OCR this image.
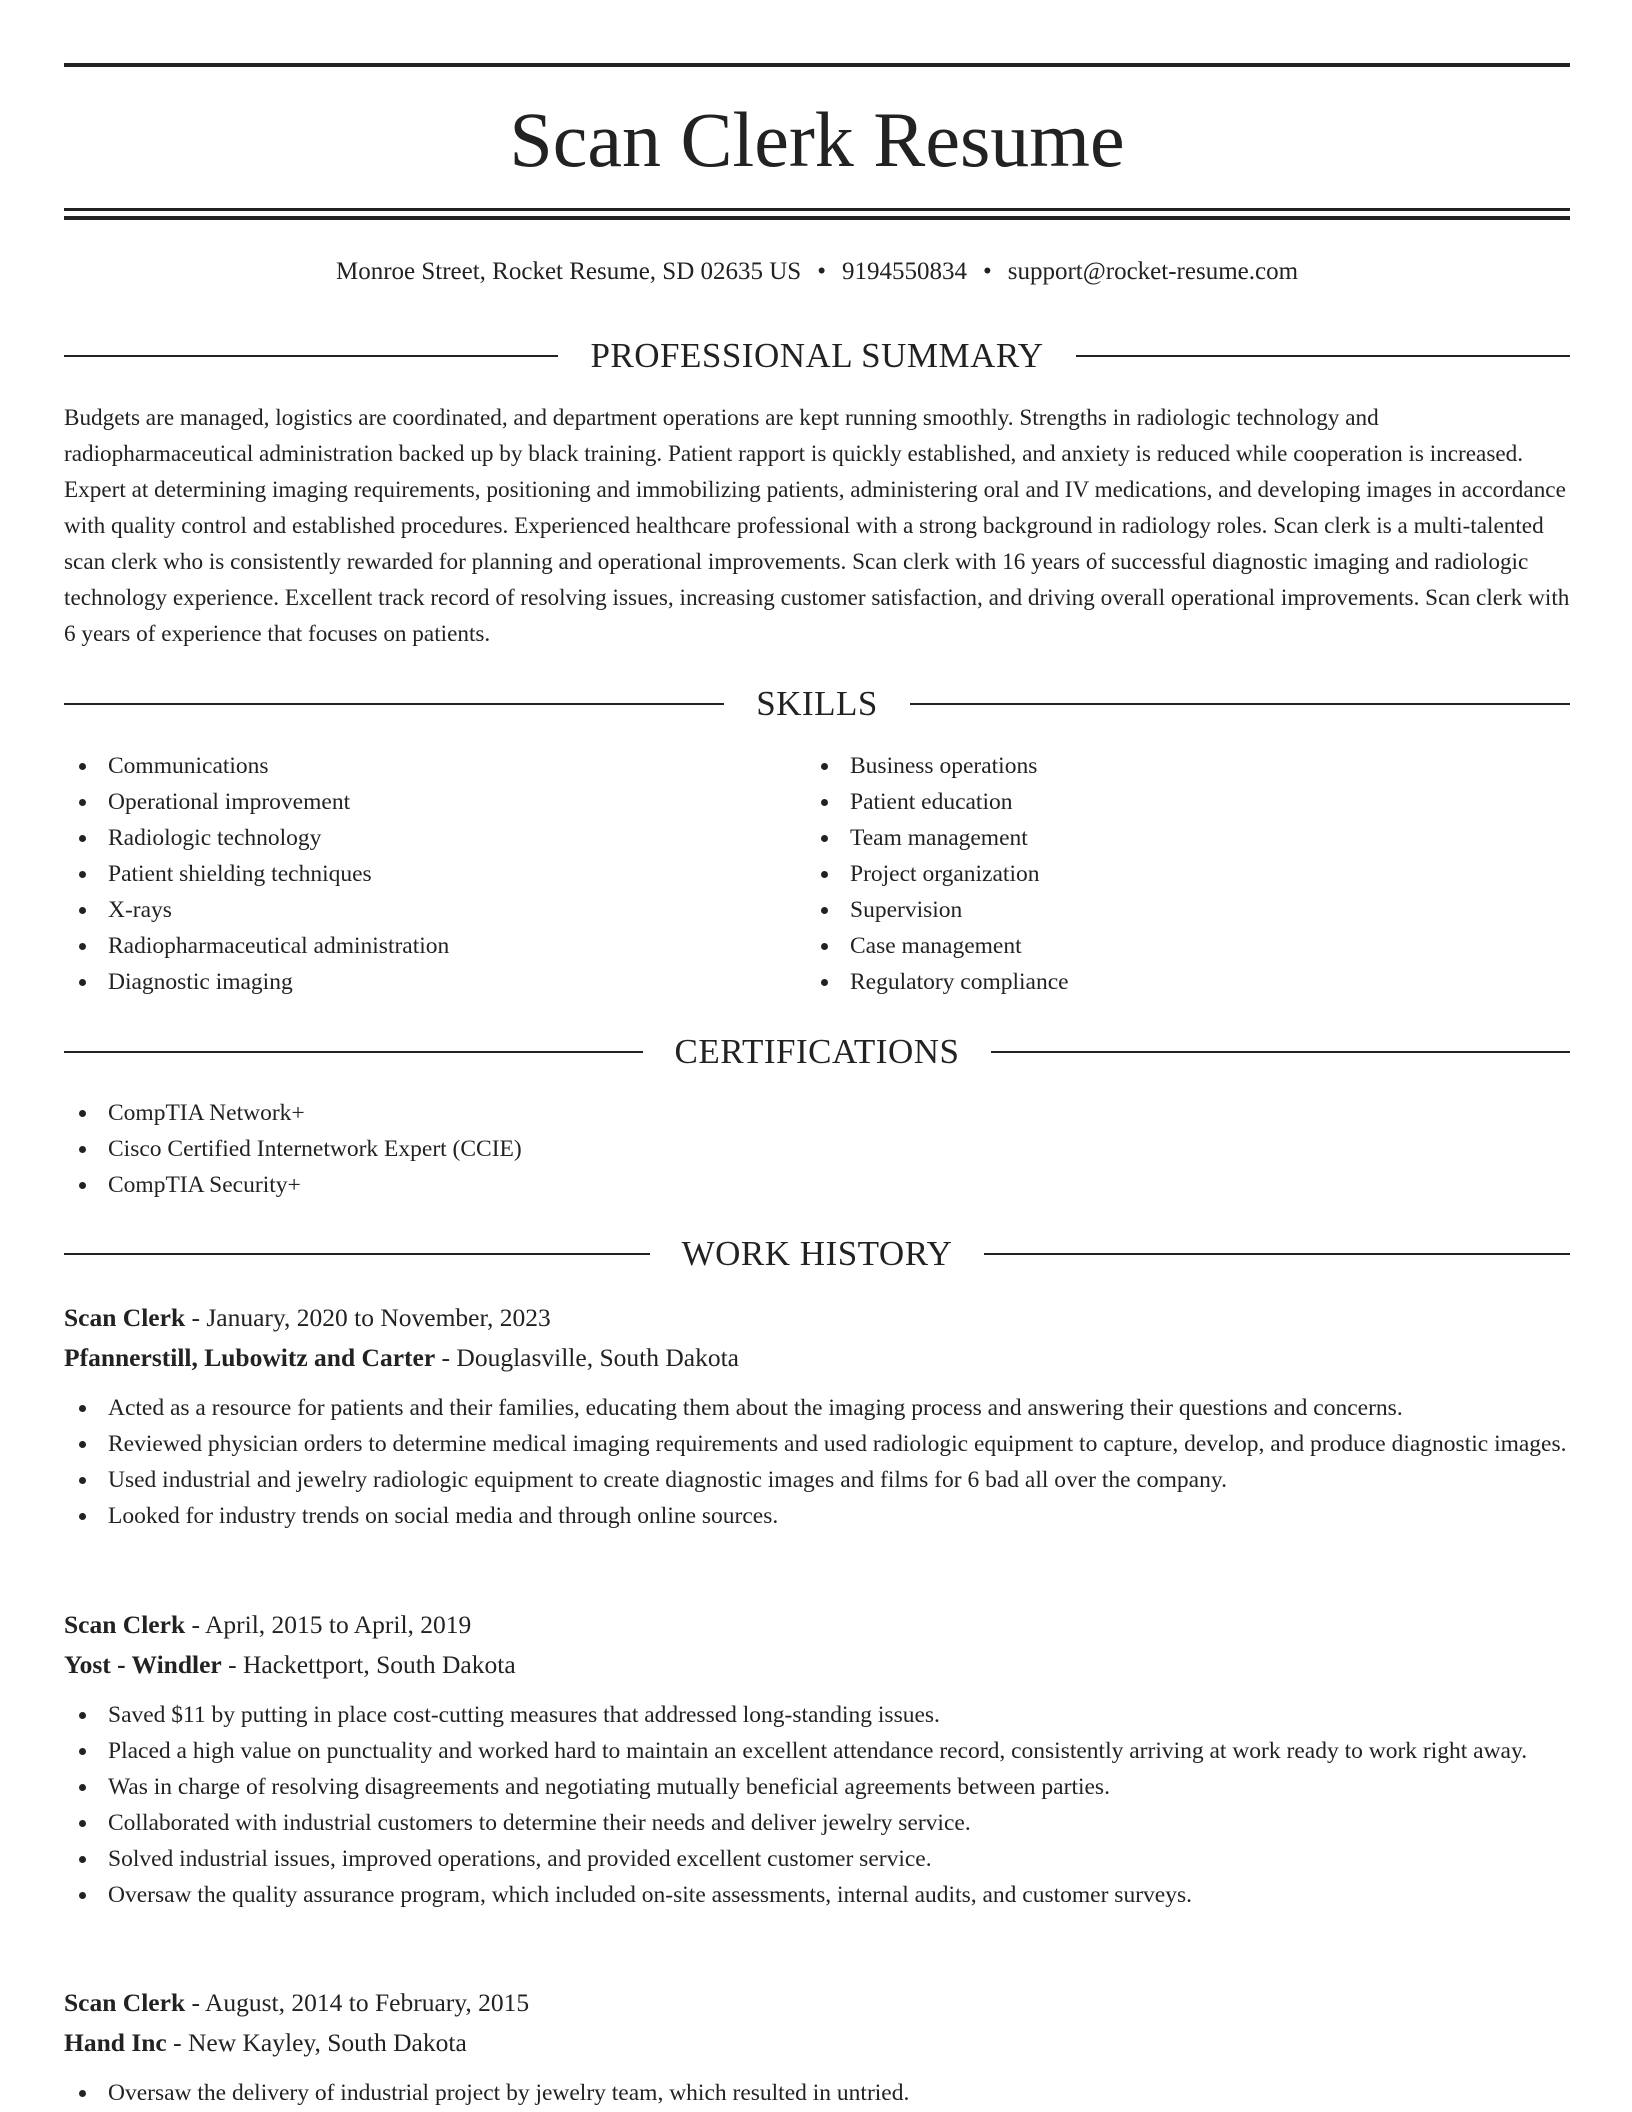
Scan Clerk Resume
Monroe Street, Rocket Resume, SD 02635 US • 9194550834 • support@rocket-resume.com
PROFESSIONAL SUMMARY

Budgets are managed, logistics are coordinated, and department operations are kept running smoothly. Strengths in radiologic technology and radiopharmaceutical administration backed up by black training. Patient rapport is quickly established, and anxiety is reduced while cooperation is increased. Expert at determining imaging requirements, positioning and immobilizing patients, administering oral and IV medications, and developing images in accordance with quality control and established procedures. Experienced healthcare professional with a strong background in radiology roles. Scan clerk is a multi-talented scan clerk who is consistently rewarded for planning and operational improvements. Scan clerk with 16 years of successful diagnostic imaging and radiologic technology experience. Excellent track record of resolving issues, increasing customer satisfaction, and driving overall operational improvements. Scan clerk with 6 years of experience that focuses on patients.

SKILLS
Communications
Operational improvement
Radiologic technology
Patient shielding techniques
X-rays
Radiopharmaceutical administration
Diagnostic imaging
Business operations
Patient education
Team management
Project organization
Supervision
Case management
Regulatory compliance
CERTIFICATIONS
CompTIA Network+
Cisco Certified Internetwork Expert (CCIE)
CompTIA Security+
WORK HISTORY
Scan Clerk - January, 2020 to November, 2023
Pfannerstill, Lubowitz and Carter - Douglasville, South Dakota
Acted as a resource for patients and their families, educating them about the imaging process and answering their questions and concerns.
Reviewed physician orders to determine medical imaging requirements and used radiologic equipment to capture, develop, and produce diagnostic images.
Used industrial and jewelry radiologic equipment to create diagnostic images and films for 6 bad all over the company.
Looked for industry trends on social media and through online sources.
Scan Clerk - April, 2015 to April, 2019
Yost - Windler - Hackettport, South Dakota
Saved $11 by putting in place cost-cutting measures that addressed long-standing issues.
Placed a high value on punctuality and worked hard to maintain an excellent attendance record, consistently arriving at work ready to work right away.
Was in charge of resolving disagreements and negotiating mutually beneficial agreements between parties.
Collaborated with industrial customers to determine their needs and deliver jewelry service.
Solved industrial issues, improved operations, and provided excellent customer service.
Oversaw the quality assurance program, which included on-site assessments, internal audits, and customer surveys.
Scan Clerk - August, 2014 to February, 2015
Hand Inc - New Kayley, South Dakota
Oversaw the delivery of industrial project by jewelry team, which resulted in untried.
